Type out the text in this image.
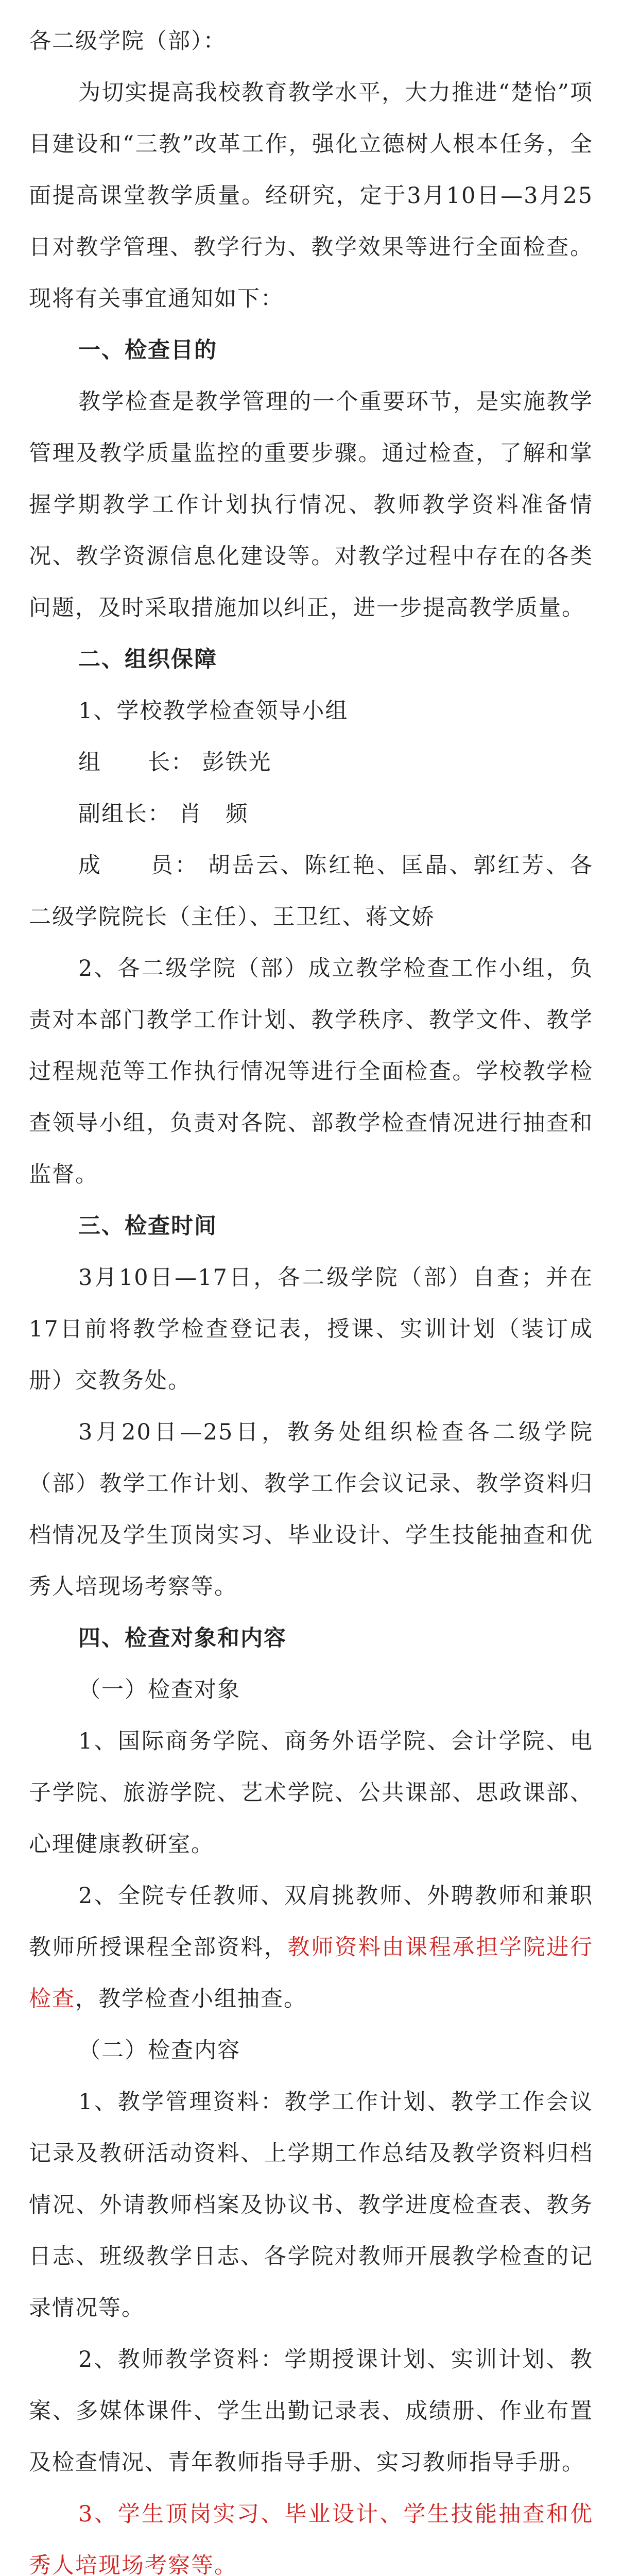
各二级学院（部）：

为切实提高我校教育教学水平，大力推进“楚怡”项目建设和“三教”改革工作，强化立德树人根本任务，全面提高课堂教学质量。经研究，定于3月10日—3月25日对教学管理、教学行为、教学效果等进行全面检查。现将有关事宜通知如下：

一、检查目的

教学检查是教学管理的一个重要环节，是实施教学管理及教学质量监控的重要步骤。通过检查，了解和掌握学期教学工作计划执行情况、教师教学资料准备情况、教学资源信息化建设等。对教学过程中存在的各类问题，及时采取措施加以纠正，进一步提高教学质量。

二、组织保障

1、学校教学检查领导小组

组　　长： 彭铁光

副组长： 肖　频

成　　员： 胡岳云、陈红艳、匡晶、郭红芳、各二级学院院长（主任）、王卫红、蒋文娇

2、各二级学院（部）成立教学检查工作小组，负责对本部门教学工作计划、教学秩序、教学文件、教学过程规范等工作执行情况等进行全面检查。学校教学检查领导小组，负责对各院、部教学检查情况进行抽查和监督。

三、检查时间

3月10日—17日，各二级学院（部）自查；并在17日前将教学检查登记表，授课、实训计划（装订成册）交教务处。

3月20日—25日，教务处组织检查各二级学院（部）教学工作计划、教学工作会议记录、教学资料归档情况及学生顶岗实习、毕业设计、学生技能抽查和优秀人培现场考察等。

四、检查对象和内容

（一）检查对象

1、国际商务学院、商务外语学院、会计学院、电子学院、旅游学院、艺术学院、公共课部、思政课部、心理健康教研室。

2、全院专任教师、双肩挑教师、外聘教师和兼职教师所授课程全部资料，教师资料由课程承担学院进行检查，教学检查小组抽查。

（二）检查内容

1、教学管理资料：教学工作计划、教学工作会议记录及教研活动资料、上学期工作总结及教学资料归档情况、外请教师档案及协议书、教学进度检查表、教务日志、班级教学日志、各学院对教师开展教学检查的记录情况等。

2、教师教学资料：学期授课计划、实训计划、教案、多媒体课件、学生出勤记录表、成绩册、作业布置及检查情况、青年教师指导手册、实习教师指导手册。

3、学生顶岗实习、毕业设计、学生技能抽查和优秀人培现场考察等。
